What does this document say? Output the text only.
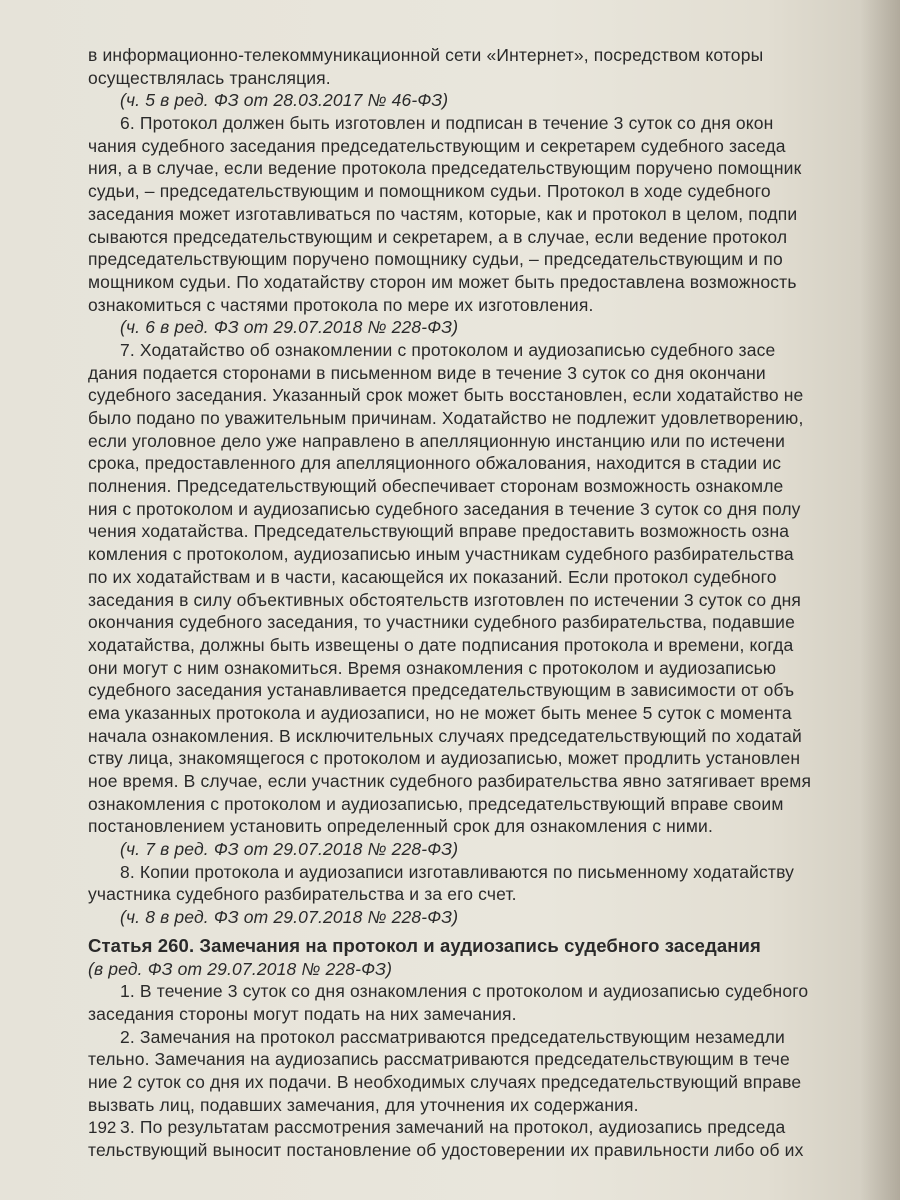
в информационно-телекоммуникационной сети «Интернет», посредством которы
осуществлялась трансляция.
(ч. 5 в ред. ФЗ от 28.03.2017 № 46-ФЗ)
6. Протокол должен быть изготовлен и подписан в течение 3 суток со дня окон
чания судебного заседания председательствующим и секретарем судебного заседа
ния, а в случае, если ведение протокола председательствующим поручено помощник
судьи, – председательствующим и помощником судьи. Протокол в ходе судебного
заседания может изготавливаться по частям, которые, как и протокол в целом, подпи
сываются председательствующим и секретарем, а в случае, если ведение протокол
председательствующим поручено помощнику судьи, – председательствующим и по
мощником судьи. По ходатайству сторон им может быть предоставлена возможность
ознакомиться с частями протокола по мере их изготовления.
(ч. 6 в ред. ФЗ от 29.07.2018 № 228-ФЗ)
7. Ходатайство об ознакомлении с протоколом и аудиозаписью судебного засе
дания подается сторонами в письменном виде в течение 3 суток со дня окончани
судебного заседания. Указанный срок может быть восстановлен, если ходатайство не
было подано по уважительным причинам. Ходатайство не подлежит удовлетворению,
если уголовное дело уже направлено в апелляционную инстанцию или по истечени
срока, предоставленного для апелляционного обжалования, находится в стадии ис
полнения. Председательствующий обеспечивает сторонам возможность ознакомле
ния с протоколом и аудиозаписью судебного заседания в течение 3 суток со дня полу
чения ходатайства. Председательствующий вправе предоставить возможность озна
комления с протоколом, аудиозаписью иным участникам судебного разбирательства
по их ходатайствам и в части, касающейся их показаний. Если протокол судебного
заседания в силу объективных обстоятельств изготовлен по истечении 3 суток со дня
окончания судебного заседания, то участники судебного разбирательства, подавшие
ходатайства, должны быть извещены о дате подписания протокола и времени, когда
они могут с ним ознакомиться. Время ознакомления с протоколом и аудиозаписью
судебного заседания устанавливается председательствующим в зависимости от объ
ема указанных протокола и аудиозаписи, но не может быть менее 5 суток с момента
начала ознакомления. В исключительных случаях председательствующий по ходатай
ству лица, знакомящегося с протоколом и аудиозаписью, может продлить установлен
ное время. В случае, если участник судебного разбирательства явно затягивает время
ознакомления с протоколом и аудиозаписью, председательствующий вправе своим
постановлением установить определенный срок для ознакомления с ними.
(ч. 7 в ред. ФЗ от 29.07.2018 № 228-ФЗ)
8. Копии протокола и аудиозаписи изготавливаются по письменному ходатайству
участника судебного разбирательства и за его счет.
(ч. 8 в ред. ФЗ от 29.07.2018 № 228-ФЗ)
Статья 260. Замечания на протокол и аудиозапись судебного заседания
(в ред. ФЗ от 29.07.2018 № 228-ФЗ)
1. В течение 3 суток со дня ознакомления с протоколом и аудиозаписью судебного
заседания стороны могут подать на них замечания.
2. Замечания на протокол рассматриваются председательствующим незамедли
тельно. Замечания на аудиозапись рассматриваются председательствующим в тече
ние 2 суток со дня их подачи. В необходимых случаях председательствующий вправе
вызвать лиц, подавших замечания, для уточнения их содержания.
3. По результатам рассмотрения замечаний на протокол, аудиозапись председа
тельствующий выносит постановление об удостоверении их правильности либо об их
192
